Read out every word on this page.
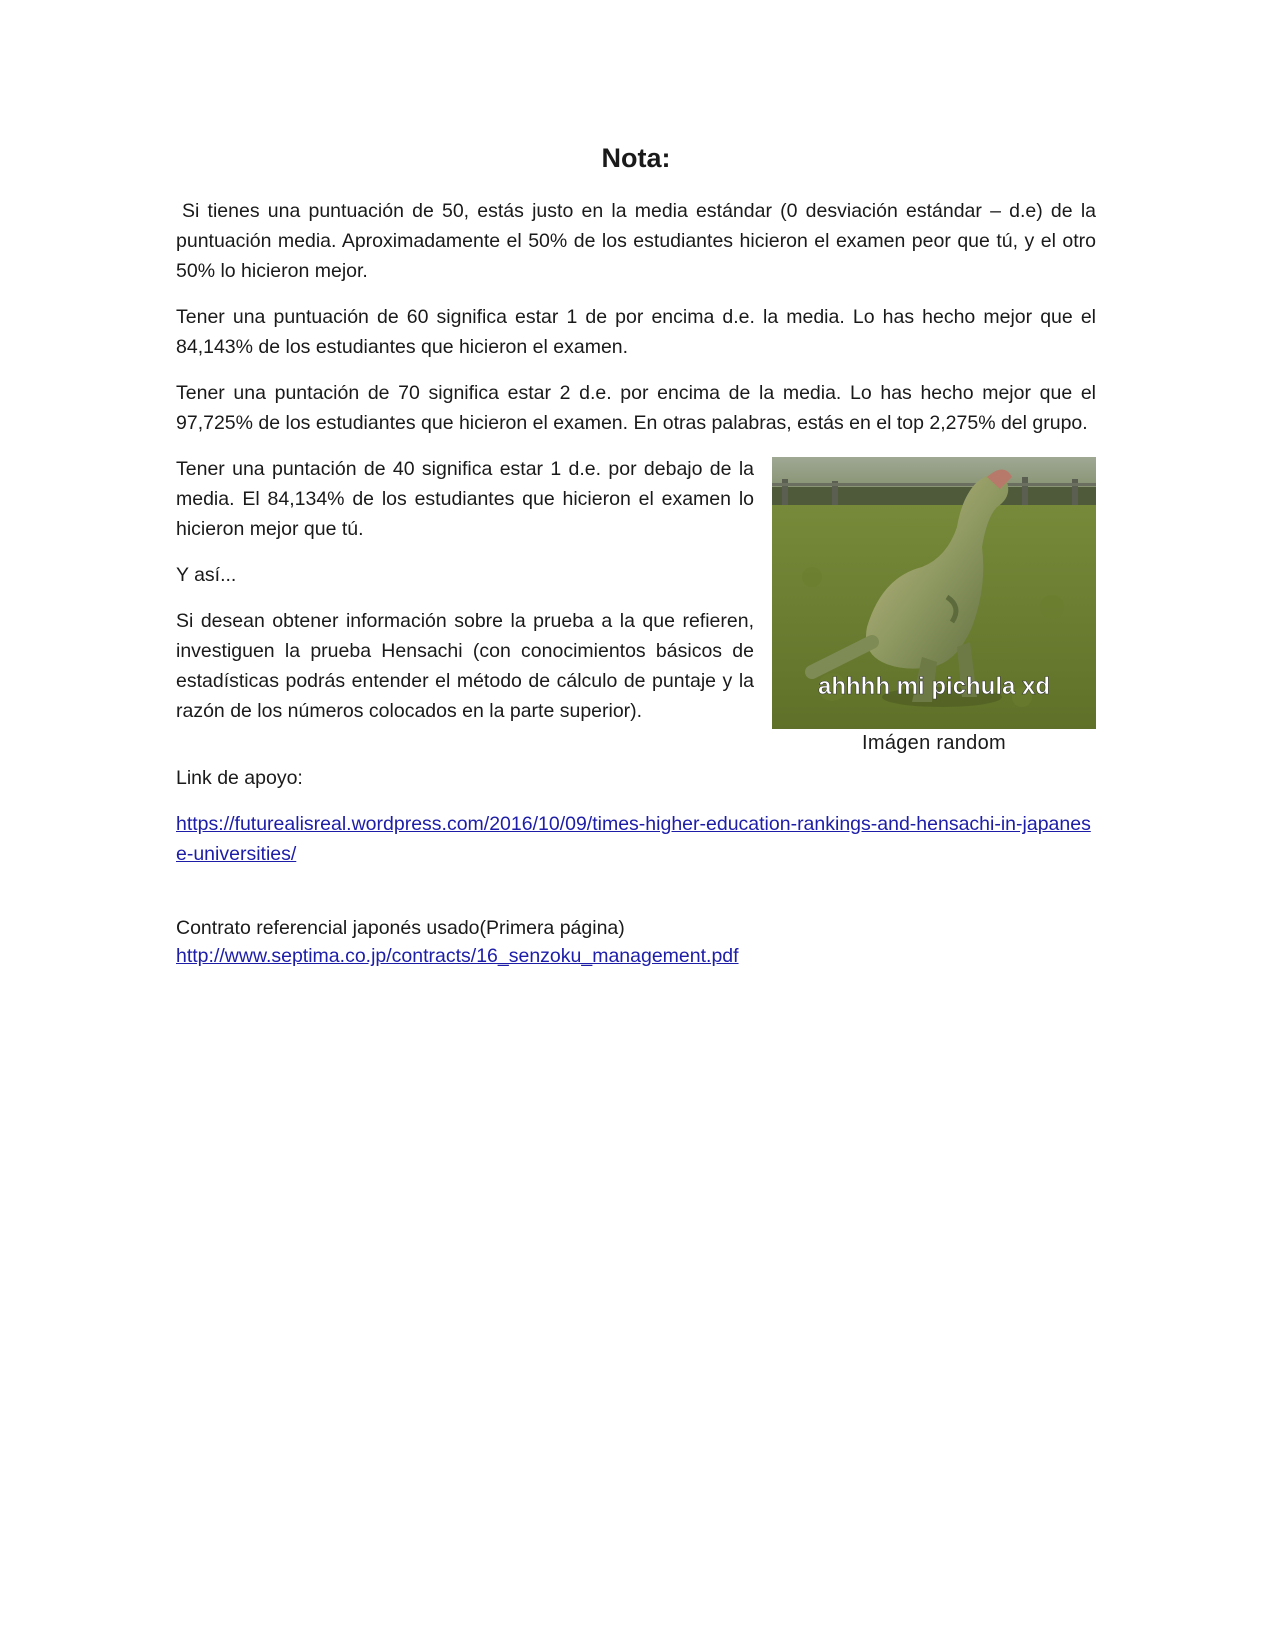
Nota:

Si tienes una puntuación de 50, estás justo en la media estándar (0 desviación estándar – d.e) de la puntuación media. Aproximadamente el 50% de los estudiantes hicieron el examen peor que tú, y el otro 50% lo hicieron mejor.

Tener una puntuación de 60 significa estar 1 de por encima d.e. la media. Lo has hecho mejor que el 84,143% de los estudiantes que hicieron el examen.

Tener una puntación de 70 significa estar 2 d.e. por encima de la media. Lo has hecho mejor que el 97,725% de los estudiantes que hicieron el examen. En otras palabras, estás en el top 2,275% del grupo.

ahhhh mi pichula xd
Imágen random

Tener una puntación de 40 significa estar 1 d.e. por debajo de la media. El 84,134% de los estudiantes que hicieron el examen lo hicieron mejor que tú.

Y así...

Si desean obtener información sobre la prueba a la que refieren, investiguen la prueba Hensachi (con conocimientos básicos de estadísticas podrás entender el método de cálculo de puntaje y la razón de los números colocados en la parte superior).

Link de apoyo:

https://futurealisreal.wordpress.com/2016/10/09/times-higher-education-rankings-and-hensachi-in-japanese-universities/

Contrato referencial japonés usado(Primera página)

http://www.septima.co.jp/contracts/16_senzoku_management.pdf
